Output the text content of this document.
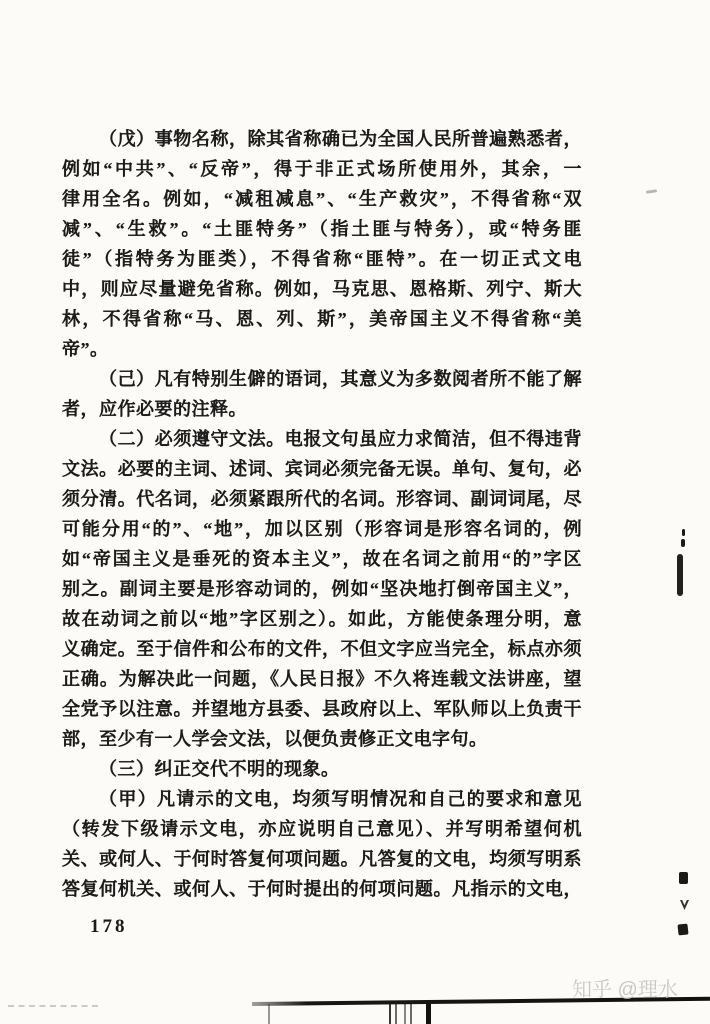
（戊）事物名称，除其省称确已为全国人民所普遍熟悉者，
例如“中共”、“反帝”，得于非正式场所使用外，其余，一
律用全名。例如，“减租减息”、“生产救灾”，不得省称“双
减”、“生救”。“土匪特务”（指土匪与特务），或“特务匪
徒”（指特务为匪类），不得省称“匪特”。在一切正式文电
中，则应尽量避免省称。例如，马克思、恩格斯、列宁、斯大
林，不得省称“马、恩、列、斯”，美帝国主义不得省称“美
帝”。
（己）凡有特别生僻的语词，其意义为多数阅者所不能了解
者，应作必要的注释。
（二）必须遵守文法。电报文句虽应力求简洁，但不得违背
文法。必要的主词、述词、宾词必须完备无误。单句、复句，必
须分清。代名词，必须紧跟所代的名词。形容词、副词词尾，尽
可能分用“的”、“地”，加以区别（形容词是形容名词的，例
如“帝国主义是垂死的资本主义”，故在名词之前用“的”字区
别之。副词主要是形容动词的，例如“坚决地打倒帝国主义”，
故在动词之前以“地”字区别之）。如此，方能使条理分明，意
义确定。至于信件和公布的文件，不但文字应当完全，标点亦须
正确。为解决此一问题，《人民日报》不久将连载文法讲座，望
全党予以注意。并望地方县委、县政府以上、军队师以上负责干
部，至少有一人学会文法，以便负责修正文电字句。
（三）纠正交代不明的现象。
（甲）凡请示的文电，均须写明情况和自己的要求和意见
（转发下级请示文电，亦应说明自己意见）、并写明希望何机
关、或何人、于何时答复何项问题。凡答复的文电，均须写明系
答复何机关、或何人、于何时提出的何项问题。凡指示的文电，
178
知乎 @理水
